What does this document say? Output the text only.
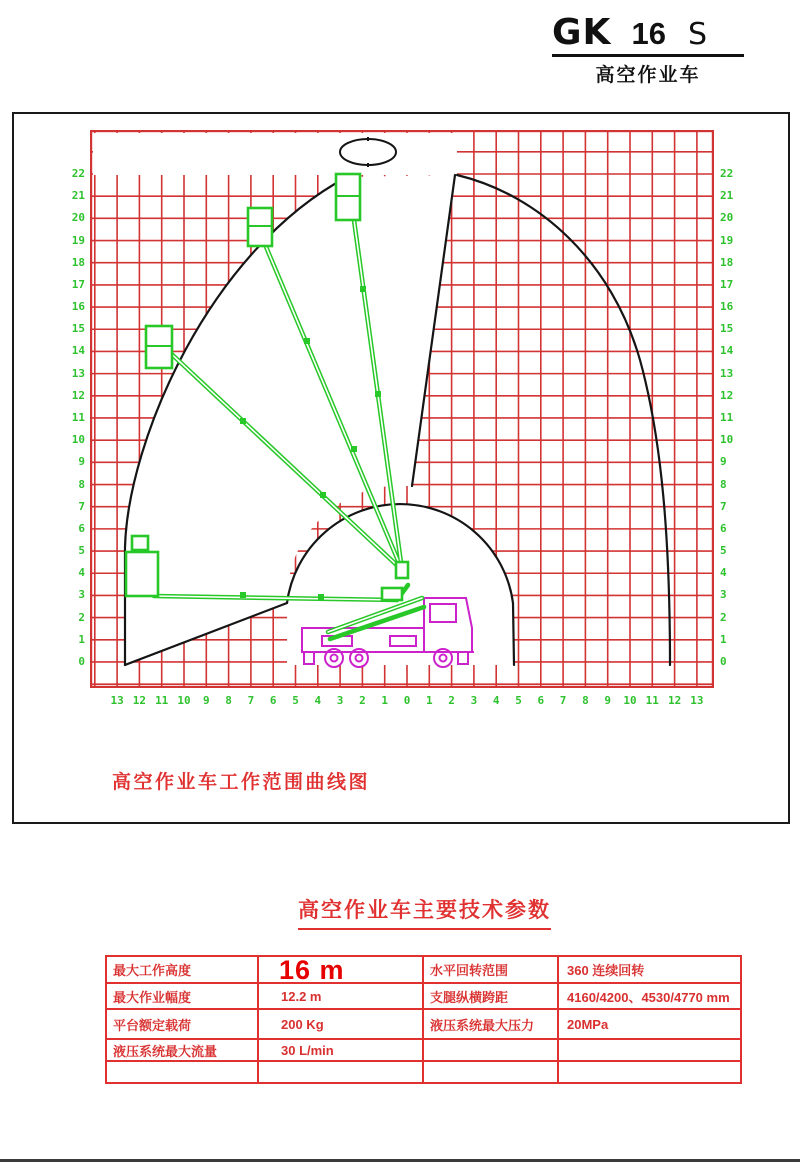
GK 16 S
高空作业车
22
21
20
19
18
17
16
15
14
13
12
11
10
9
8
7
6
5
4
3
2
1
0
22
21
20
19
18
17
16
15
14
13
12
11
10
9
8
7
6
5
4
3
2
1
0
13 12 11 10	9	8	7	6	5	4	3	2	1	0	1	2	3	4	5	6	7	8	9	10 11 12 13
高空作业车工作范围曲线图
高空作业车主要技术参数
最大工作高度	16 m	水平回转范围	360 连续回转
最大作业幅度	12.2 m	支腿纵横跨距	4160/4200、4530/4770 mm
平台额定载荷	200 Kg	液压系统最大压力	20MPa
液压系统最大流量	30 L/min		
